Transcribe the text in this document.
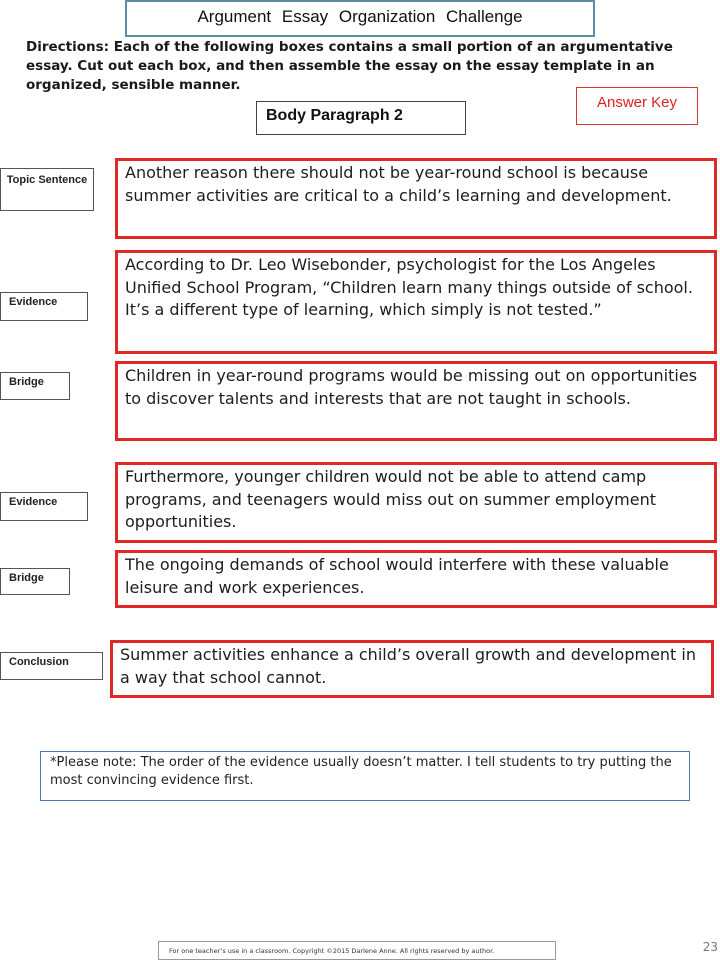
Argument Essay Organization Challenge
Directions: Each of the following boxes contains a small portion of an argumentative essay. Cut out each box, and then assemble the essay on the essay template in an organized, sensible manner.
Answer Key
Body Paragraph 2
Topic Sentence	Another reason there should not be year-round school is because summer activities are critical to a child’s learning and development.
Evidence
According to Dr. Leo Wisebonder, psychologist for the Los Angeles Unified School Program, “Children learn many things outside of school. It’s a different type of learning, which simply is not tested.”
Bridge	Children in year-round programs would be missing out on opportunities to discover talents and interests that are not taught in schools.
Evidence
Furthermore, younger children would not be able to attend camp programs, and teenagers would miss out on summer employment opportunities.
Bridge
The ongoing demands of school would interfere with these valuable leisure and work experiences.
Conclusion	Summer activities enhance a child’s overall growth and development in a way that school cannot.
*Please note: The order of the evidence usually doesn’t matter. I tell students to try putting the most convincing evidence first.
For one teacher’s use in a classroom. Copyright ©2015 Darlene Anne. All rights reserved by author.	23
